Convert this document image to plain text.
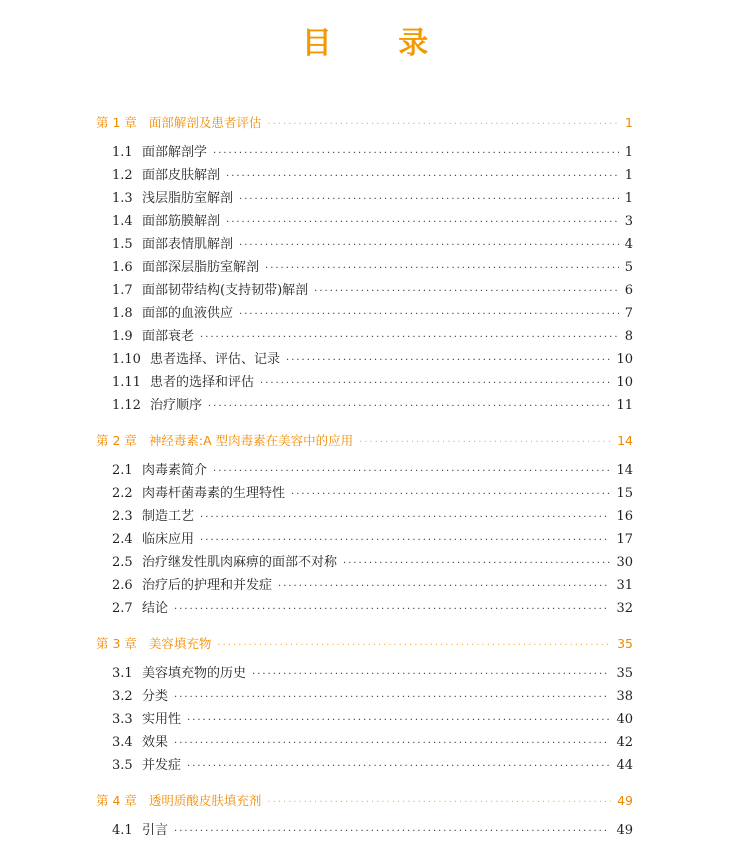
目 录
第 1 章 面部解剖及患者评估 ·····	1
1.1 面部解剖学 ·····	1
1.2 面部皮肤解剖 ·····	1
1.3 浅层脂肪室解剖 ·····	1
1.4 面部筋膜解剖 ·····	3
1.5 面部表情肌解剖 ·····	4
1.6 面部深层脂肪室解剖 ·····	5
1.7 面部韧带结构(支持韧带)解剖 ·····	6
1.8 面部的血液供应 ·····	7
1.9 面部衰老 ·····	8
1.10 患者选择、评估、记录 ·····	10
1.11 患者的选择和评估 ·····	10
1.12 治疗顺序 ·····	11
第 2 章 神经毒素:A 型肉毒素在美容中的应用 ·····	14
2.1 肉毒素简介 ·····	14
2.2 肉毒杆菌毒素的生理特性 ·····	15
2.3 制造工艺 ·····	16
2.4 临床应用 ·····	17
2.5 治疗继发性肌肉麻痹的面部不对称 ·····	30
2.6 治疗后的护理和并发症 ·····	31
2.7 结论 ·····	32
第 3 章 美容填充物 ·····	35
3.1 美容填充物的历史 ·····	35
3.2 分类 ·····	38
3.3 实用性 ·····	40
3.4 效果 ·····	42
3.5 并发症 ·····	44
第 4 章 透明质酸皮肤填充剂 ·····	49
4.1 引言 ·····	49
